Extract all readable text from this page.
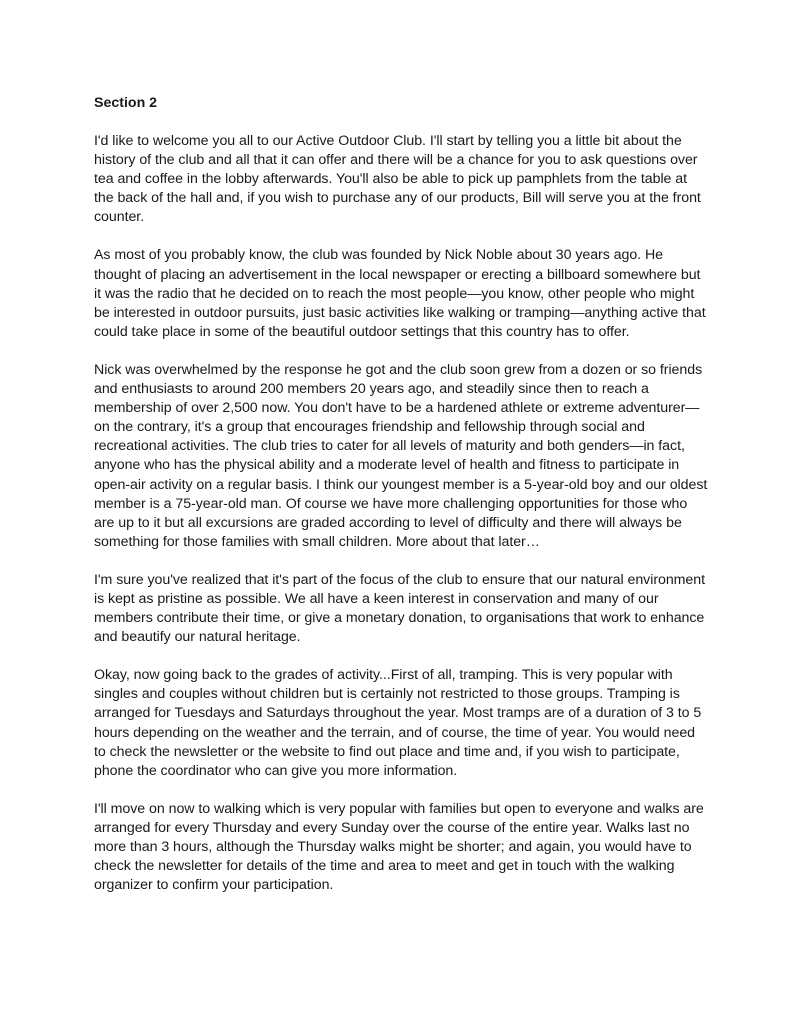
Section 2

I'd like to welcome you all to our Active Outdoor Club. I'll start by telling you a little bit about the history of the club and all that it can offer and there will be a chance for you to ask questions over tea and coffee in the lobby afterwards. You'll also be able to pick up pamphlets from the table at the back of the hall and, if you wish to purchase any of our products, Bill will serve you at the front counter.

As most of you probably know, the club was founded by Nick Noble about 30 years ago. He thought of placing an advertisement in the local newspaper or erecting a billboard somewhere but it was the radio that he decided on to reach the most people—you know, other people who might be interested in outdoor pursuits, just basic activities like walking or tramping—anything active that could take place in some of the beautiful outdoor settings that this country has to offer.

Nick was overwhelmed by the response he got and the club soon grew from a dozen or so friends and enthusiasts to around 200 members 20 years ago, and steadily since then to reach a membership of over 2,500 now. You don't have to be a hardened athlete or extreme adventurer—on the contrary, it's a group that encourages friendship and fellowship through social and recreational activities. The club tries to cater for all levels of maturity and both genders—in fact, anyone who has the physical ability and a moderate level of health and fitness to participate in open-air activity on a regular basis. I think our youngest member is a 5-year-old boy and our oldest member is a 75-year-old man. Of course we have more challenging opportunities for those who are up to it but all excursions are graded according to level of difficulty and there will always be something for those families with small children. More about that later…

I'm sure you've realized that it's part of the focus of the club to ensure that our natural environment is kept as pristine as possible. We all have a keen interest in conservation and many of our members contribute their time, or give a monetary donation, to organisations that work to enhance and beautify our natural heritage.

Okay, now going back to the grades of activity...First of all, tramping. This is very popular with singles and couples without children but is certainly not restricted to those groups. Tramping is arranged for Tuesdays and Saturdays throughout the year. Most tramps are of a duration of 3 to 5 hours depending on the weather and the terrain, and of course, the time of year. You would need to check the newsletter or the website to find out place and time and, if you wish to participate, phone the coordinator who can give you more information.

I'll move on now to walking which is very popular with families but open to everyone and walks are arranged for every Thursday and every Sunday over the course of the entire year. Walks last no more than 3 hours, although the Thursday walks might be shorter; and again, you would have to check the newsletter for details of the time and area to meet and get in touch with the walking organizer to confirm your participation.
